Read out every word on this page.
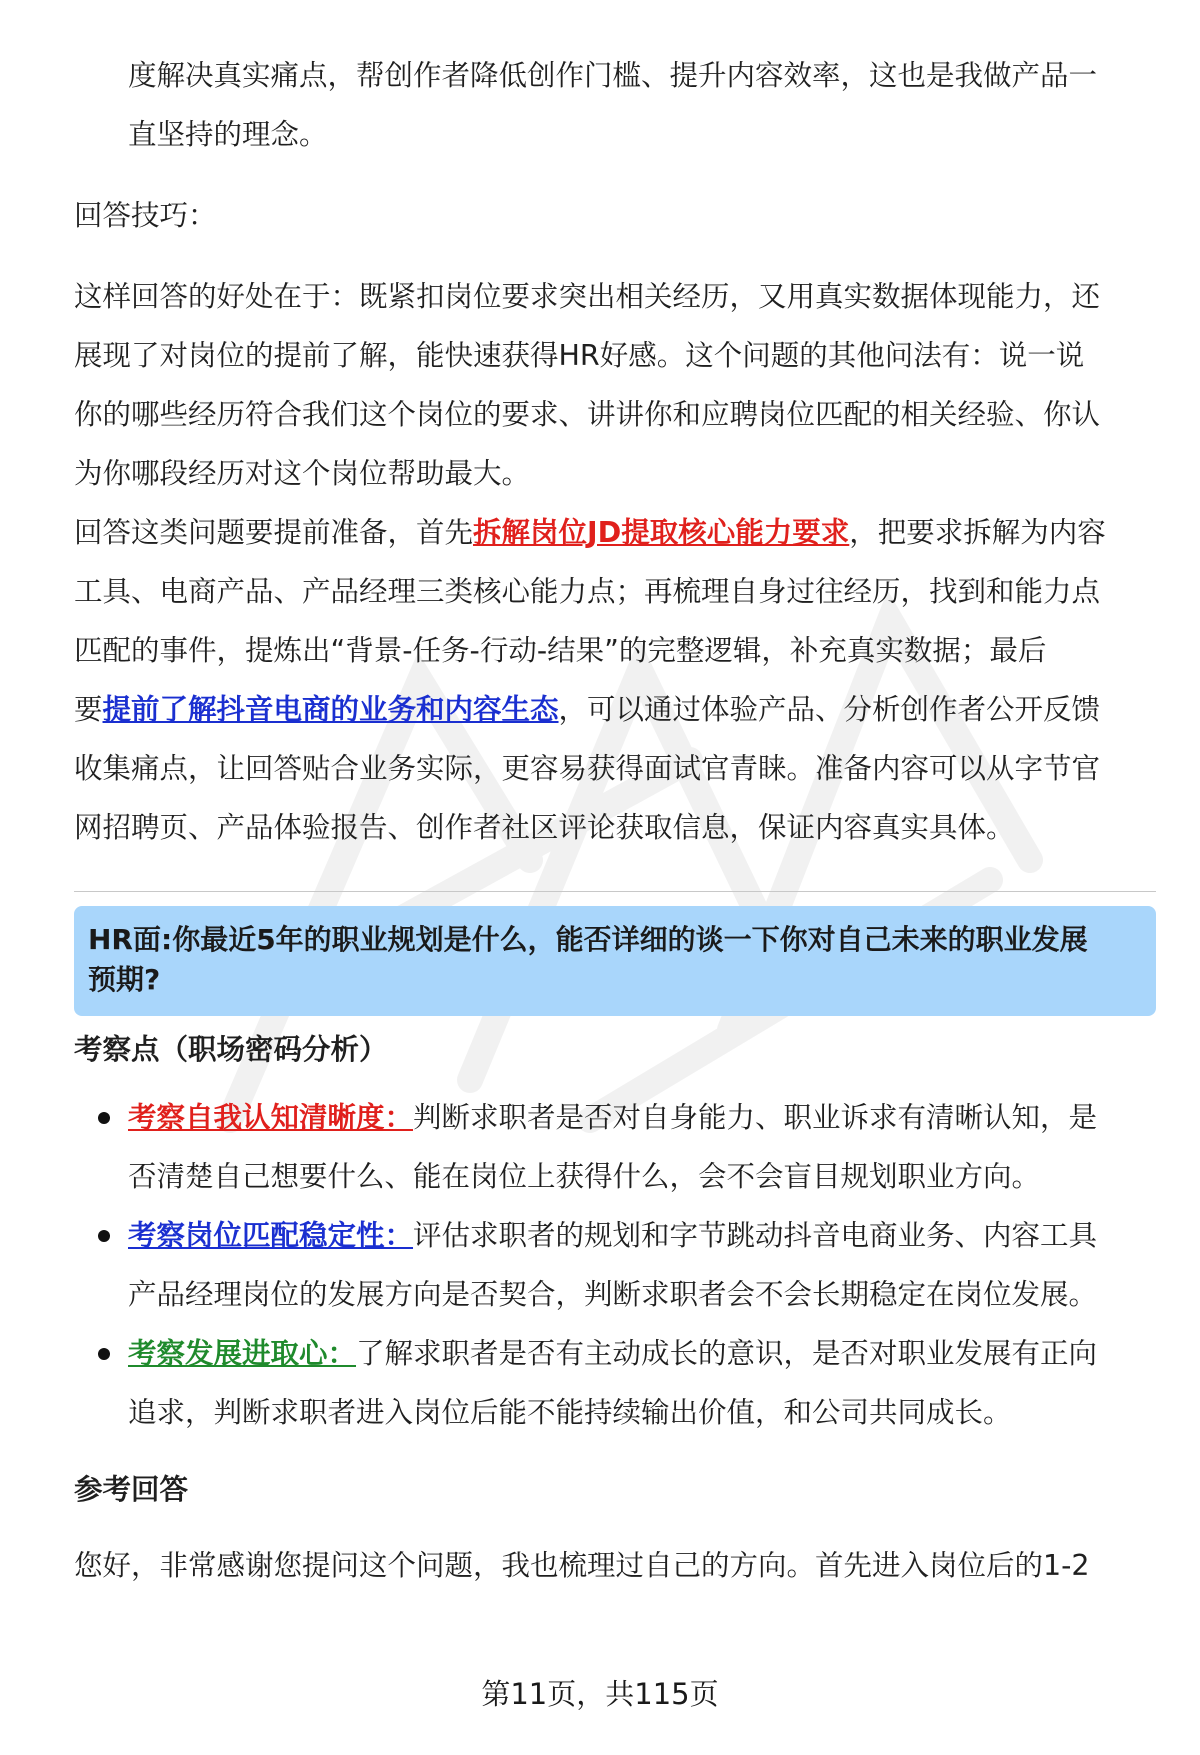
度解决真实痛点，帮创作者降低创作门槛、提升内容效率，这也是我做产品一

直坚持的理念。

回答技巧：

这样回答的好处在于：既紧扣岗位要求突出相关经历，又用真实数据体现能力，还

展现了对岗位的提前了解，能快速获得HR好感。这个问题的其他问法有：说一说

你的哪些经历符合我们这个岗位的要求、讲讲你和应聘岗位匹配的相关经验、你认

为你哪段经历对这个岗位帮助最大。

回答这类问题要提前准备，首先拆解岗位JD提取核心能力要求，把要求拆解为内容

工具、电商产品、产品经理三类核心能力点；再梳理自身过往经历，找到和能力点

匹配的事件，提炼出“背景-任务-行动-结果”的完整逻辑，补充真实数据；最后

要提前了解抖音电商的业务和内容生态，可以通过体验产品、分析创作者公开反馈

收集痛点，让回答贴合业务实际，更容易获得面试官青睐。准备内容可以从字节官

网招聘页、产品体验报告、创作者社区评论获取信息，保证内容真实具体。

HR面:你最近5年的职业规划是什么，能否详细的谈一下你对自己未来的职业发展
预期?

考察点（职场密码分析）

考察自我认知清晰度：判断求职者是否对自身能力、职业诉求有清晰认知，是
否清楚自己想要什么、能在岗位上获得什么，会不会盲目规划职业方向。
考察岗位匹配稳定性：评估求职者的规划和字节跳动抖音电商业务、内容工具
产品经理岗位的发展方向是否契合，判断求职者会不会长期稳定在岗位发展。
考察发展进取心：了解求职者是否有主动成长的意识，是否对职业发展有正向
追求，判断求职者进入岗位后能不能持续输出价值，和公司共同成长。

参考回答

您好，非常感谢您提问这个问题，我也梳理过自己的方向。首先进入岗位后的1-2

第11页，共115页
